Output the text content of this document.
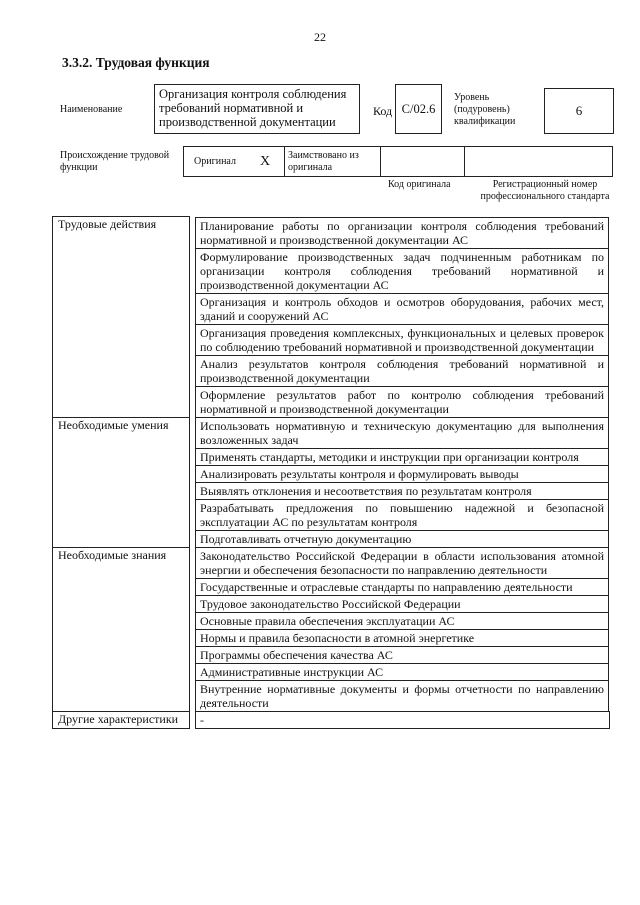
22
3.3.2. Трудовая функция
Наименование
Организация контроля соблюдения требований нормативной и производственной документации
Код C/02.6
Уровень (подуровень) квалификации
6
Происхождение трудовой функции
Оригинал	X	Заимствовано из оригинала
Код оригинала	Регистрационный номер профессионального стандарта
Трудовые действия	Планирование работы по организации контроля соблюдения требований нормативной и производственной документации АС

	Формулирование производственных задач подчиненным работникам по организации контроля соблюдения требований нормативной и производственной документации АС

	Организация и контроль обходов и осмотров оборудования, рабочих мест, зданий и сооружений АС

	Организация проведения комплексных, функциональных и целевых проверок по соблюдению требований нормативной и производственной документации

	Анализ результатов контроля соблюдения требований нормативной и производственной документации

	Оформление результатов работ по контролю соблюдения требований нормативной и производственной документации

Необходимые умения	Использовать нормативную и техническую документацию для выполнения возложенных задач

	Применять стандарты, методики и инструкции при организации контроля

	Анализировать результаты контроля и формулировать выводы

	Выявлять отклонения и несоответствия по результатам контроля

	Разрабатывать предложения по повышению надежной и безопасной эксплуатации АС по результатам контроля

	Подготавливать отчетную документацию

Необходимые знания	Законодательство Российской Федерации в области использования атомной энергии и обеспечения безопасности по направлению деятельности

	Государственные и отраслевые стандарты по направлению деятельности

	Трудовое законодательство Российской Федерации

	Основные правила обеспечения эксплуатации АС

	Нормы и правила безопасности в атомной энергетике

	Программы обеспечения качества АС

	Административные инструкции АС

	Внутренние нормативные документы и формы отчетности по направлению деятельности

Другие характеристики	-
